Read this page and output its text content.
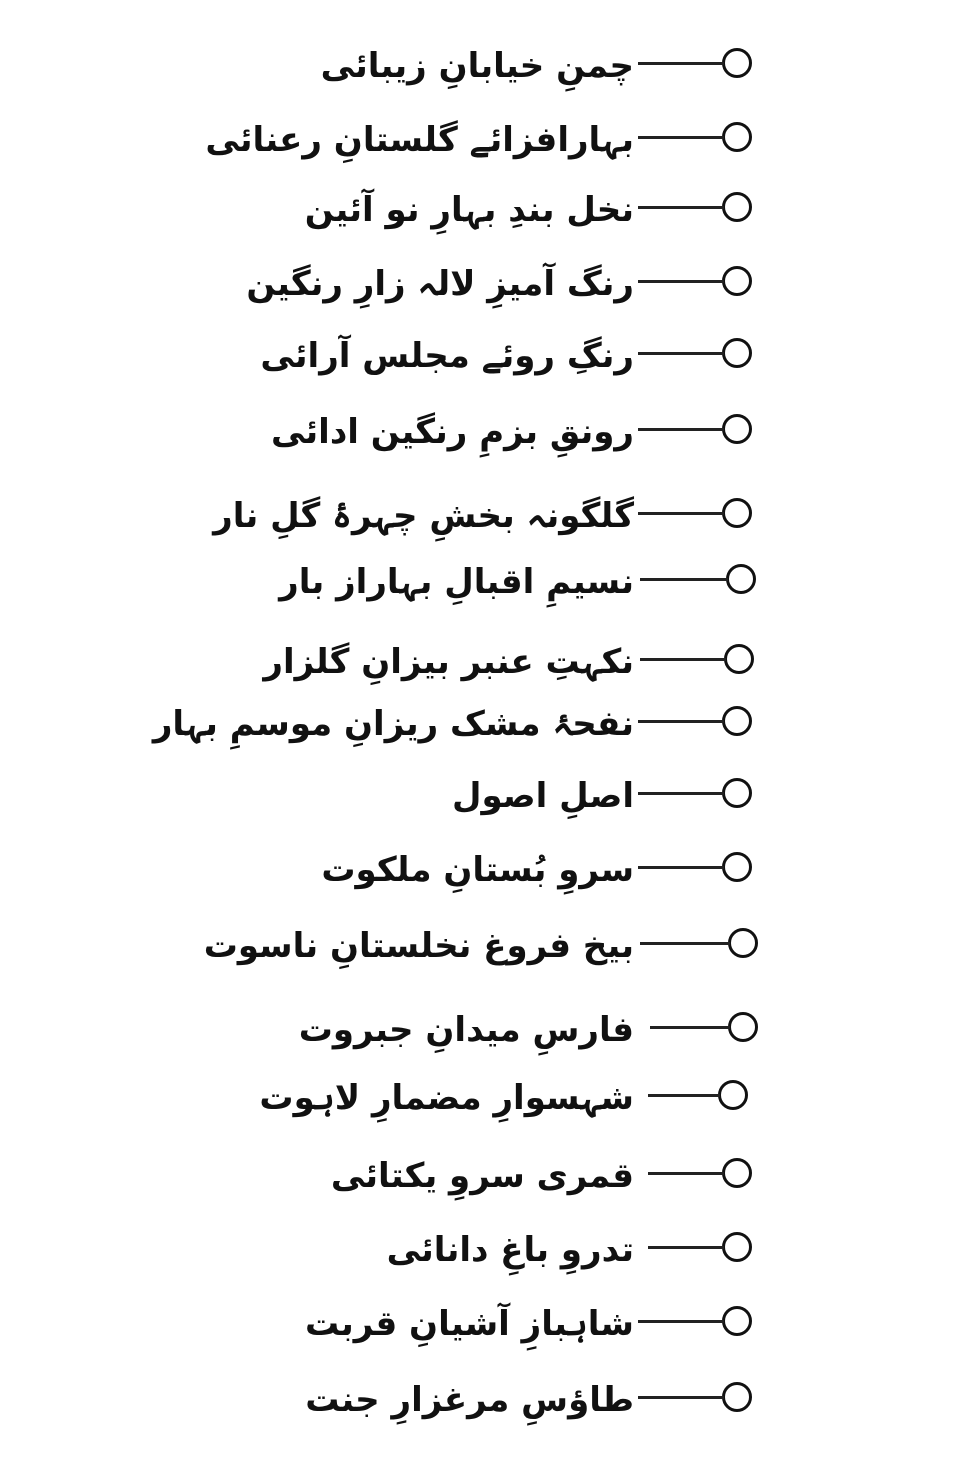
چمنِ خیابانِ زیبائی
بہارافزائے گلستانِ رعنائی
نخل بندِ بہارِ نو آئین
رنگ آمیزِ لالہ زارِ رنگین
رنگِ روئے مجلس آرائی
رونقِ بزمِ رنگین ادائی
گلگونہ بخشِ چہرۂ گلِ نار
نسیمِ اقبالِ بہاراز بار
نکہتِ عنبر بیزانِ گلزار
نفحۂ مشک ریزانِ موسمِ بہار
اصلِ اصول
سروِ بُستانِ ملکوت
بیخ فروغ نخلستانِ ناسوت
فارسِ میدانِ جبروت
شہسوارِ مضمارِ لاہوت
قمری سروِ یکتائی
تدروِ باغِ دانائی
شاہبازِ آشیانِ قربت
طاؤسِ مرغزارِ جنت
